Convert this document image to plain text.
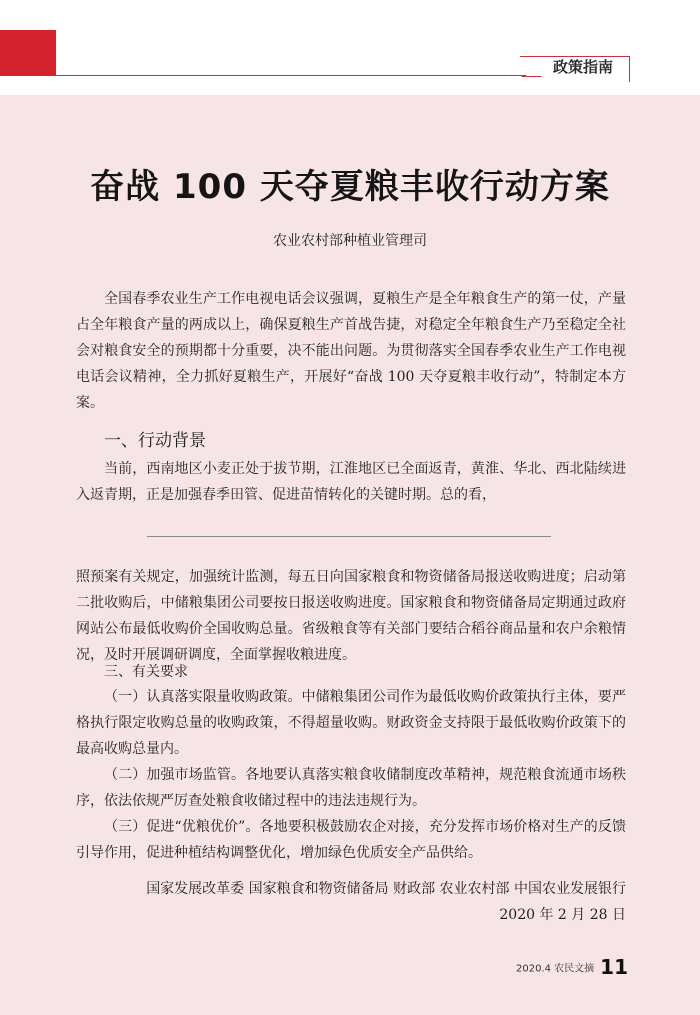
政策指南
奋战 100 天夺夏粮丰收行动方案
农业农村部种植业管理司

全国春季农业生产工作电视电话会议强调，夏粮生产是全年粮食生产的第一仗，产量占全年粮食产量的两成以上，确保夏粮生产首战告捷，对稳定全年粮食生产乃至稳定全社会对粮食安全的预期都十分重要，决不能出问题。为贯彻落实全国春季农业生产工作电视电话会议精神，全力抓好夏粮生产，开展好“奋战 100 天夺夏粮丰收行动”，特制定本方案。

一、行动背景

当前，西南地区小麦正处于拔节期，江淮地区已全面返青，黄淮、华北、西北陆续进入返青期，正是加强春季田管、促进苗情转化的关键时期。总的看，

照预案有关规定，加强统计监测，每五日向国家粮食和物资储备局报送收购进度；启动第二批收购后，中储粮集团公司要按日报送收购进度。国家粮食和物资储备局定期通过政府网站公布最低收购价全国收购总量。省级粮食等有关部门要结合稻谷商品量和农户余粮情况，及时开展调研调度，全面掌握收粮进度。

三、有关要求

（一）认真落实限量收购政策。中储粮集团公司作为最低收购价政策执行主体，要严格执行限定收购总量的收购政策，不得超量收购。财政资金支持限于最低收购价政策下的最高收购总量内。

（二）加强市场监管。各地要认真落实粮食收储制度改革精神，规范粮食流通市场秩序，依法依规严厉查处粮食收储过程中的违法违规行为。

（三）促进“优粮优价”。各地要积极鼓励农企对接，充分发挥市场价格对生产的反馈引导作用，促进种植结构调整优化，增加绿色优质安全产品供给。

国家发展改革委 国家粮食和物资储备局 财政部 农业农村部 中国农业发展银行
2020 年 2 月 28 日
2020.4 农民文摘 11
